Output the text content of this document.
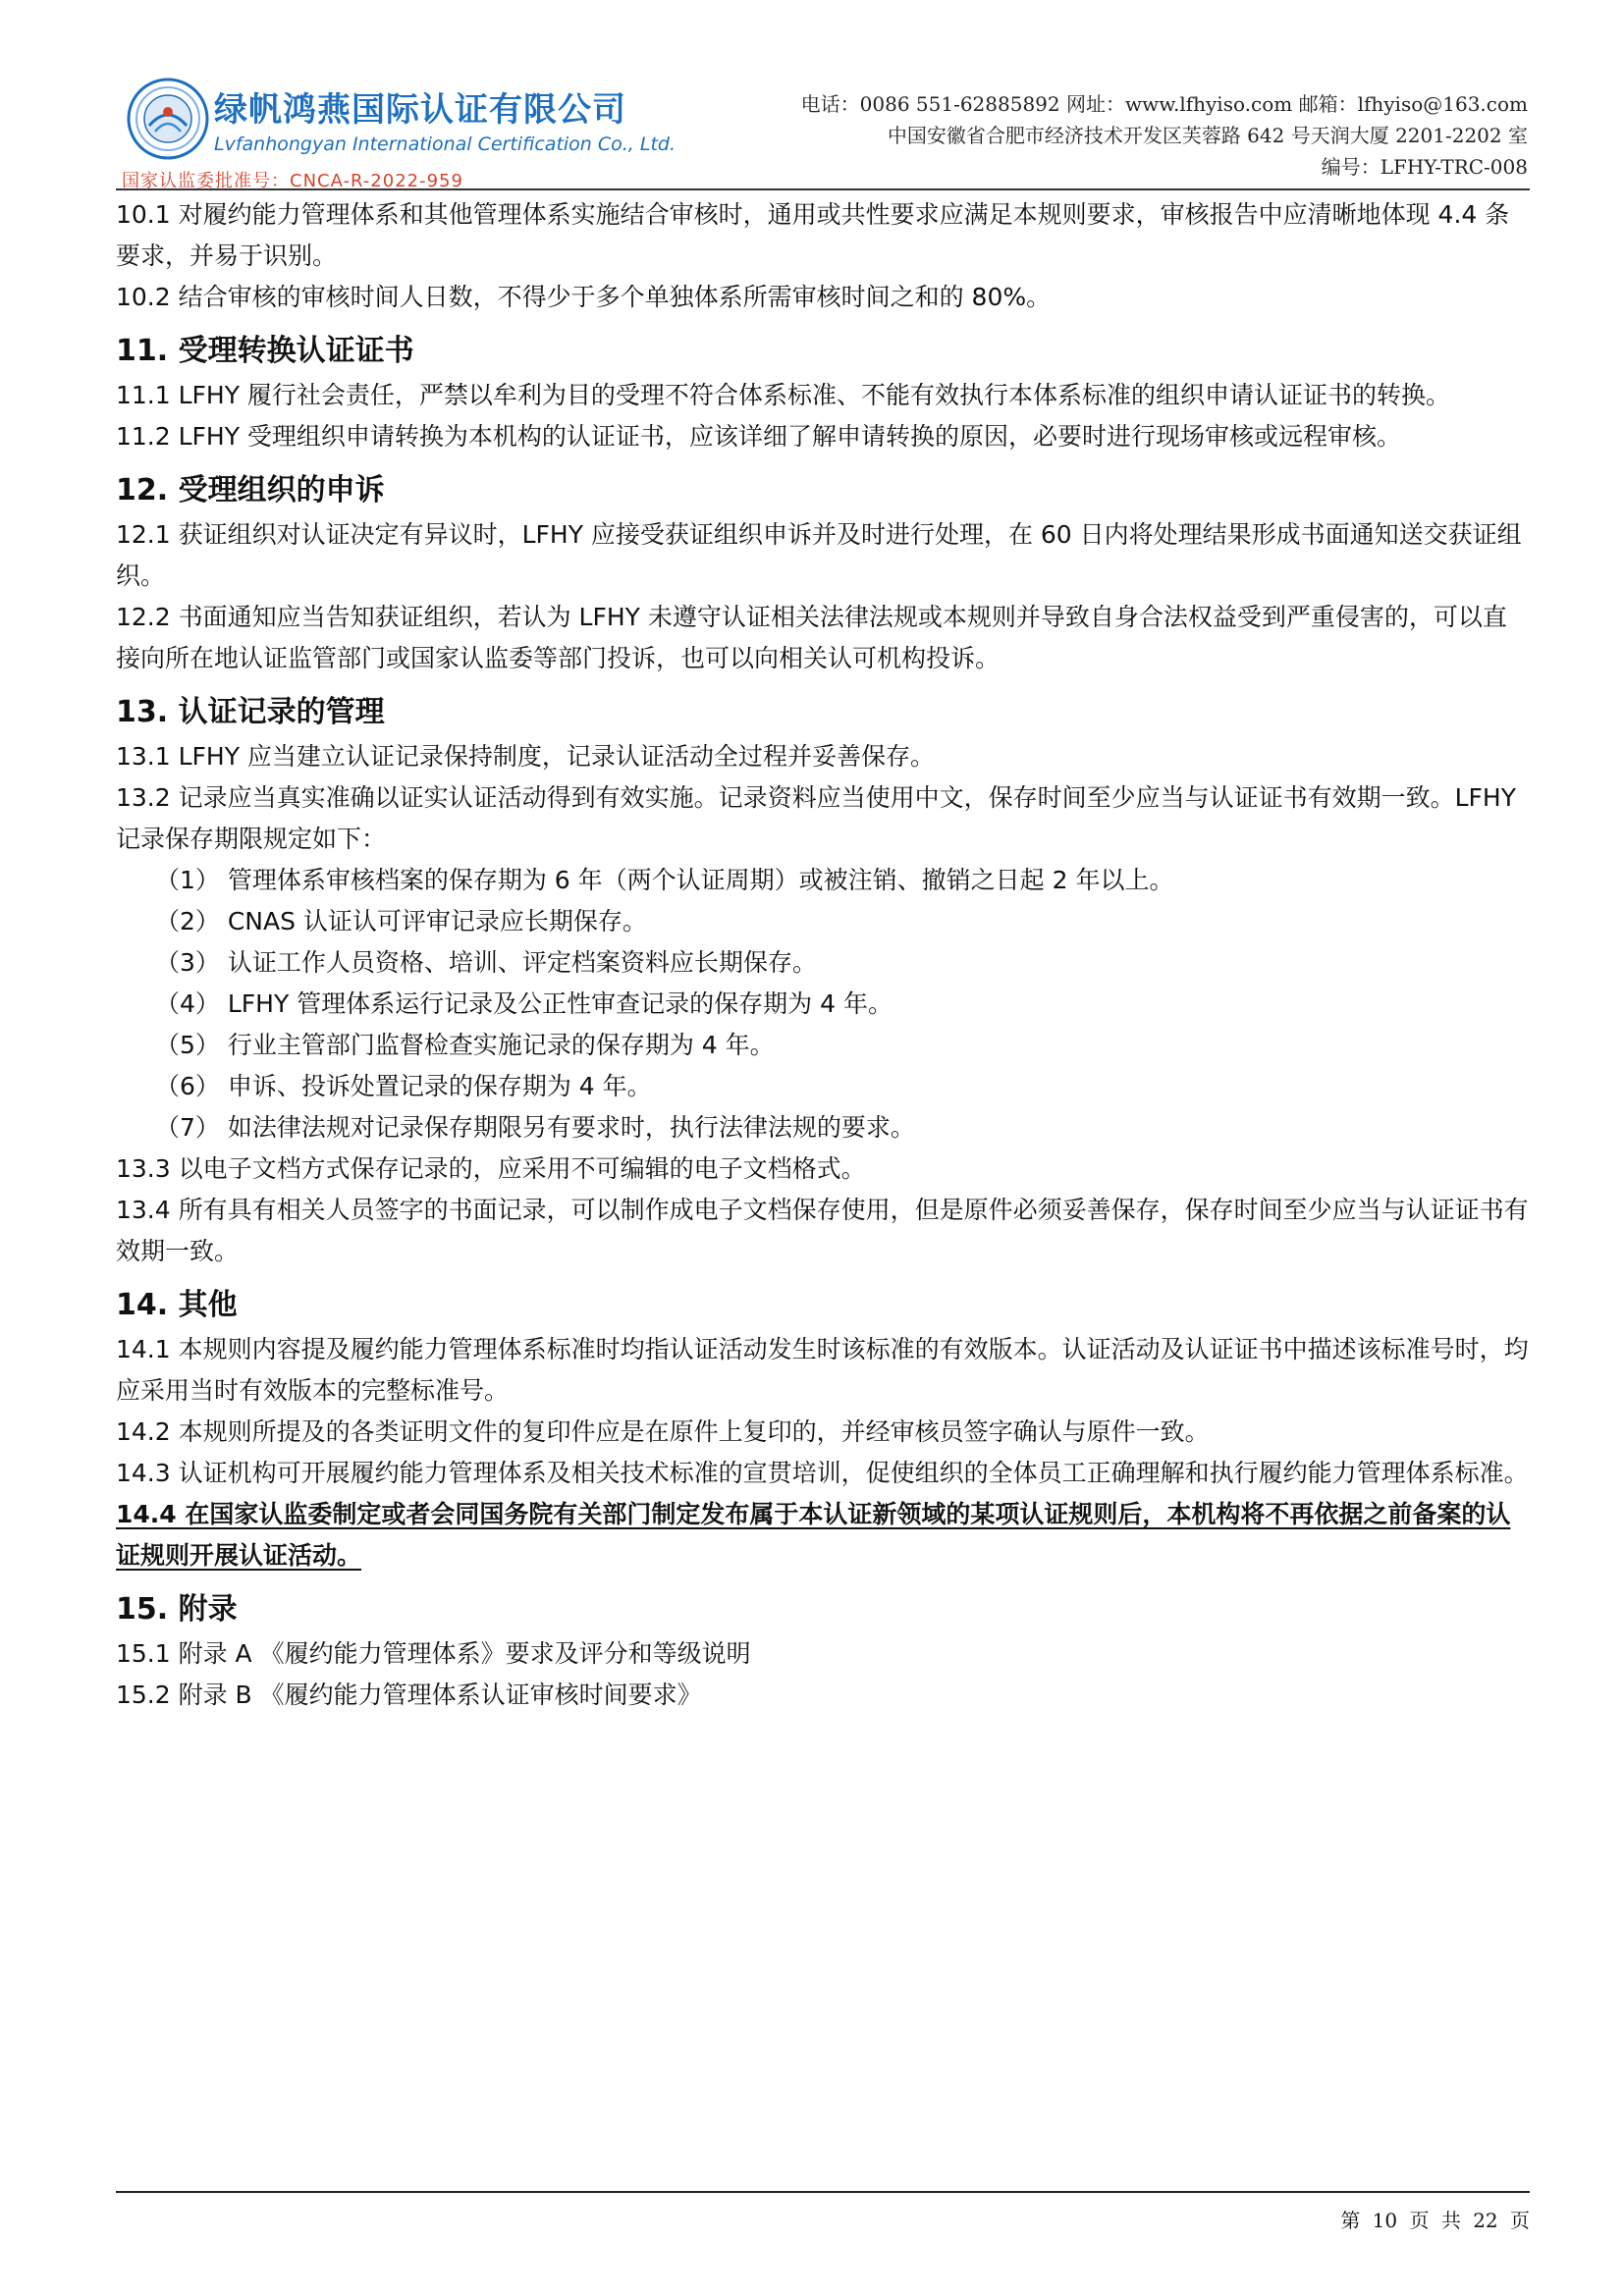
绿帆鸿燕国际认证有限公司
Lvfanhongyan International Certification Co., Ltd.
国家认监委批准号：CNCA-R-2022-959
电话：0086 551-62885892 网址：www.lfhyiso.com 邮箱：lfhyiso@163.com
中国安徽省合肥市经济技术开发区芙蓉路 642 号天润大厦 2201-2202 室
编号：LFHY-TRC-008

10.1 对履约能力管理体系和其他管理体系实施结合审核时，通用或共性要求应满足本规则要求，审核报告中应清晰地体现 4.4 条要求，并易于识别。

10.2 结合审核的审核时间人日数，不得少于多个单独体系所需审核时间之和的 80%。

11. 受理转换认证证书

11.1 LFHY 履行社会责任，严禁以牟利为目的受理不符合体系标准、不能有效执行本体系标准的组织申请认证证书的转换。

11.2 LFHY 受理组织申请转换为本机构的认证证书，应该详细了解申请转换的原因，必要时进行现场审核或远程审核。

12. 受理组织的申诉

12.1 获证组织对认证决定有异议时，LFHY 应接受获证组织申诉并及时进行处理，在 60 日内将处理结果形成书面通知送交获证组织。

12.2 书面通知应当告知获证组织，若认为 LFHY 未遵守认证相关法律法规或本规则并导致自身合法权益受到严重侵害的，可以直接向所在地认证监管部门或国家认监委等部门投诉，也可以向相关认可机构投诉。

13. 认证记录的管理

13.1 LFHY 应当建立认证记录保持制度，记录认证活动全过程并妥善保存。

13.2 记录应当真实准确以证实认证活动得到有效实施。记录资料应当使用中文，保存时间至少应当与认证证书有效期一致。LFHY 记录保存期限规定如下：

（1） 管理体系审核档案的保存期为 6 年（两个认证周期）或被注销、撤销之日起 2 年以上。

（2） CNAS 认证认可评审记录应长期保存。

（3） 认证工作人员资格、培训、评定档案资料应长期保存。

（4） LFHY 管理体系运行记录及公正性审查记录的保存期为 4 年。

（5） 行业主管部门监督检查实施记录的保存期为 4 年。

（6） 申诉、投诉处置记录的保存期为 4 年。

（7） 如法律法规对记录保存期限另有要求时，执行法律法规的要求。

13.3 以电子文档方式保存记录的，应采用不可编辑的电子文档格式。

13.4 所有具有相关人员签字的书面记录，可以制作成电子文档保存使用，但是原件必须妥善保存，保存时间至少应当与认证证书有效期一致。

14. 其他

14.1 本规则内容提及履约能力管理体系标准时均指认证活动发生时该标准的有效版本。认证活动及认证证书中描述该标准号时，均应采用当时有效版本的完整标准号。

14.2 本规则所提及的各类证明文件的复印件应是在原件上复印的，并经审核员签字确认与原件一致。

14.3 认证机构可开展履约能力管理体系及相关技术标准的宣贯培训，促使组织的全体员工正确理解和执行履约能力管理体系标准。

14.4 在国家认监委制定或者会同国务院有关部门制定发布属于本认证新领域的某项认证规则后，本机构将不再依据之前备案的认证规则开展认证活动。

15. 附录

15.1 附录 A 《履约能力管理体系》要求及评分和等级说明

15.2 附录 B 《履约能力管理体系认证审核时间要求》

第 10 页 共 22 页
